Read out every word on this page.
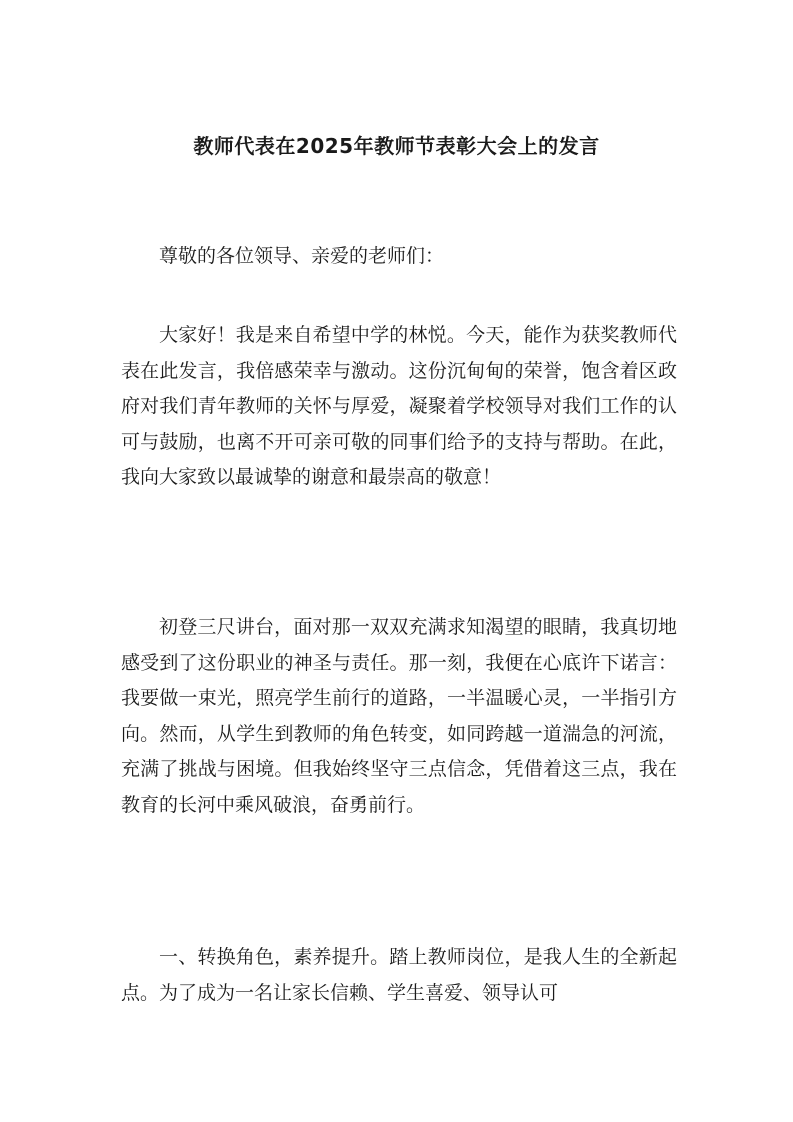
教师代表在2025年教师节表彰大会上的发言

尊敬的各位领导、亲爱的老师们：

大家好！我是来自希望中学的林悦。今天，能作为获奖教师代表在此发言，我倍感荣幸与激动。这份沉甸甸的荣誉，饱含着区政府对我们青年教师的关怀与厚爱，凝聚着学校领导对我们工作的认可与鼓励，也离不开可亲可敬的同事们给予的支持与帮助。在此，我向大家致以最诚挚的谢意和最崇高的敬意！

初登三尺讲台，面对那一双双充满求知渴望的眼睛，我真切地感受到了这份职业的神圣与责任。那一刻，我便在心底许下诺言：我要做一束光，照亮学生前行的道路，一半温暖心灵，一半指引方向。然而，从学生到教师的角色转变，如同跨越一道湍急的河流，充满了挑战与困境。但我始终坚守三点信念，凭借着这三点，我在教育的长河中乘风破浪，奋勇前行。

一、转换角色，素养提升。踏上教师岗位，是我人生的全新起点。为了成为一名让家长信赖、学生喜爱、领导认可
